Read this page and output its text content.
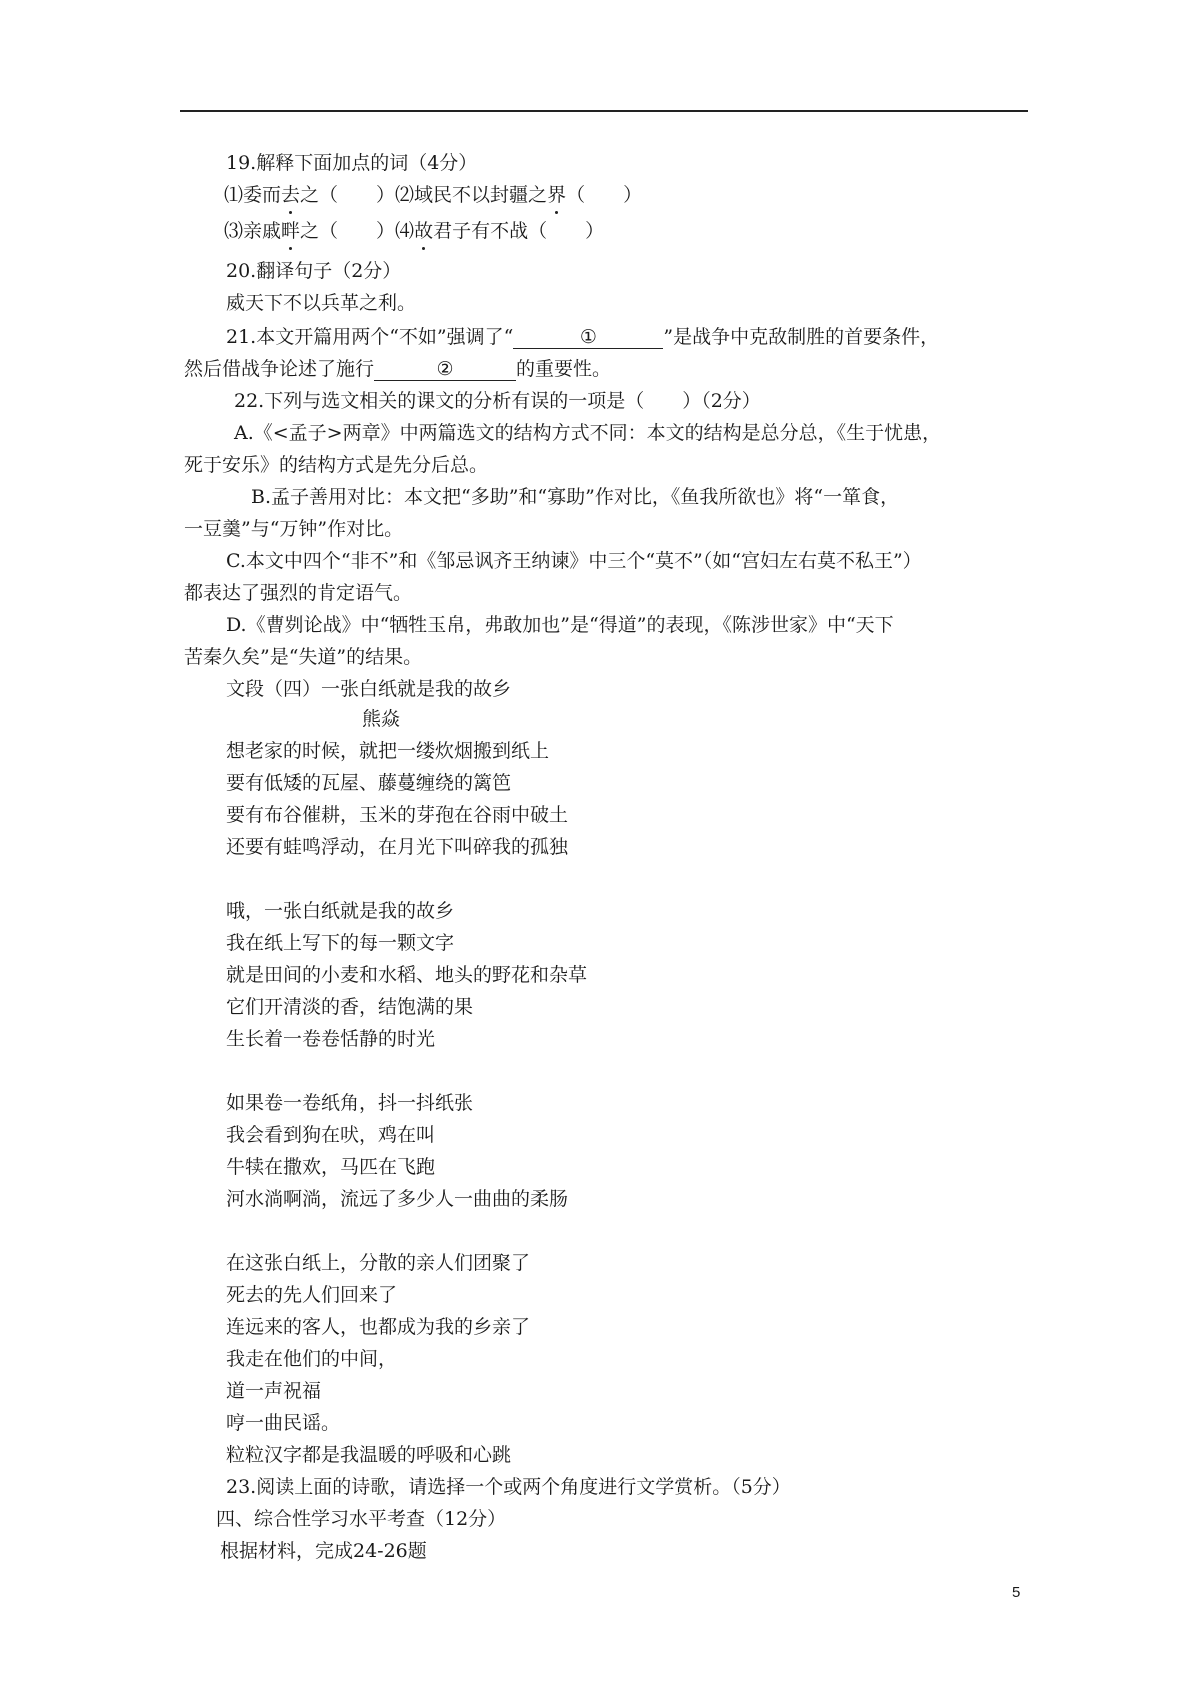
19.解释下面加点的词（4分）
⑴委而去之（　　）⑵域民不以封疆之界（　　）
⑶亲戚畔之（　　）⑷故君子有不战（　　）
20.翻译句子（2分）
威天下不以兵革之利。
21.本文开篇用两个“不如”强调了“	①	”是战争中克敌制胜的首要条件，
然后借战争论述了施行	②	的重要性。
22.下列与选文相关的课文的分析有误的一项是（　　）（2分）
A.《<孟子>两章》中两篇选文的结构方式不同：本文的结构是总分总，《生于忧患，
死于安乐》的结构方式是先分后总。
B.孟子善用对比：本文把“多助”和“寡助”作对比，《鱼我所欲也》将“一箪食，
一豆羹”与“万钟”作对比。
C.本文中四个“非不”和《邹忌讽齐王纳谏》中三个“莫不”（如“宫妇左右莫不私王”）
都表达了强烈的肯定语气。
D.《曹刿论战》中“牺牲玉帛，弗敢加也”是“得道”的表现，《陈涉世家》中“天下
苦秦久矣”是“失道”的结果。
文段（四）一张白纸就是我的故乡
熊焱
想老家的时候，就把一缕炊烟搬到纸上
要有低矮的瓦屋、藤蔓缠绕的篱笆
要有布谷催耕，玉米的芽孢在谷雨中破土
还要有蛙鸣浮动，在月光下叫碎我的孤独
哦，一张白纸就是我的故乡
我在纸上写下的每一颗文字
就是田间的小麦和水稻、地头的野花和杂草
它们开清淡的香，结饱满的果
生长着一卷卷恬静的时光
如果卷一卷纸角，抖一抖纸张
我会看到狗在吠，鸡在叫
牛犊在撒欢，马匹在飞跑
河水淌啊淌，流远了多少人一曲曲的柔肠
在这张白纸上，分散的亲人们团聚了
死去的先人们回来了
连远来的客人，也都成为我的乡亲了
我走在他们的中间，
道一声祝福
哼一曲民谣。
粒粒汉字都是我温暖的呼吸和心跳
23.阅读上面的诗歌，请选择一个或两个角度进行文学赏析。（5分）
四、综合性学习水平考查（12分）
根据材料，完成24-26题
5
